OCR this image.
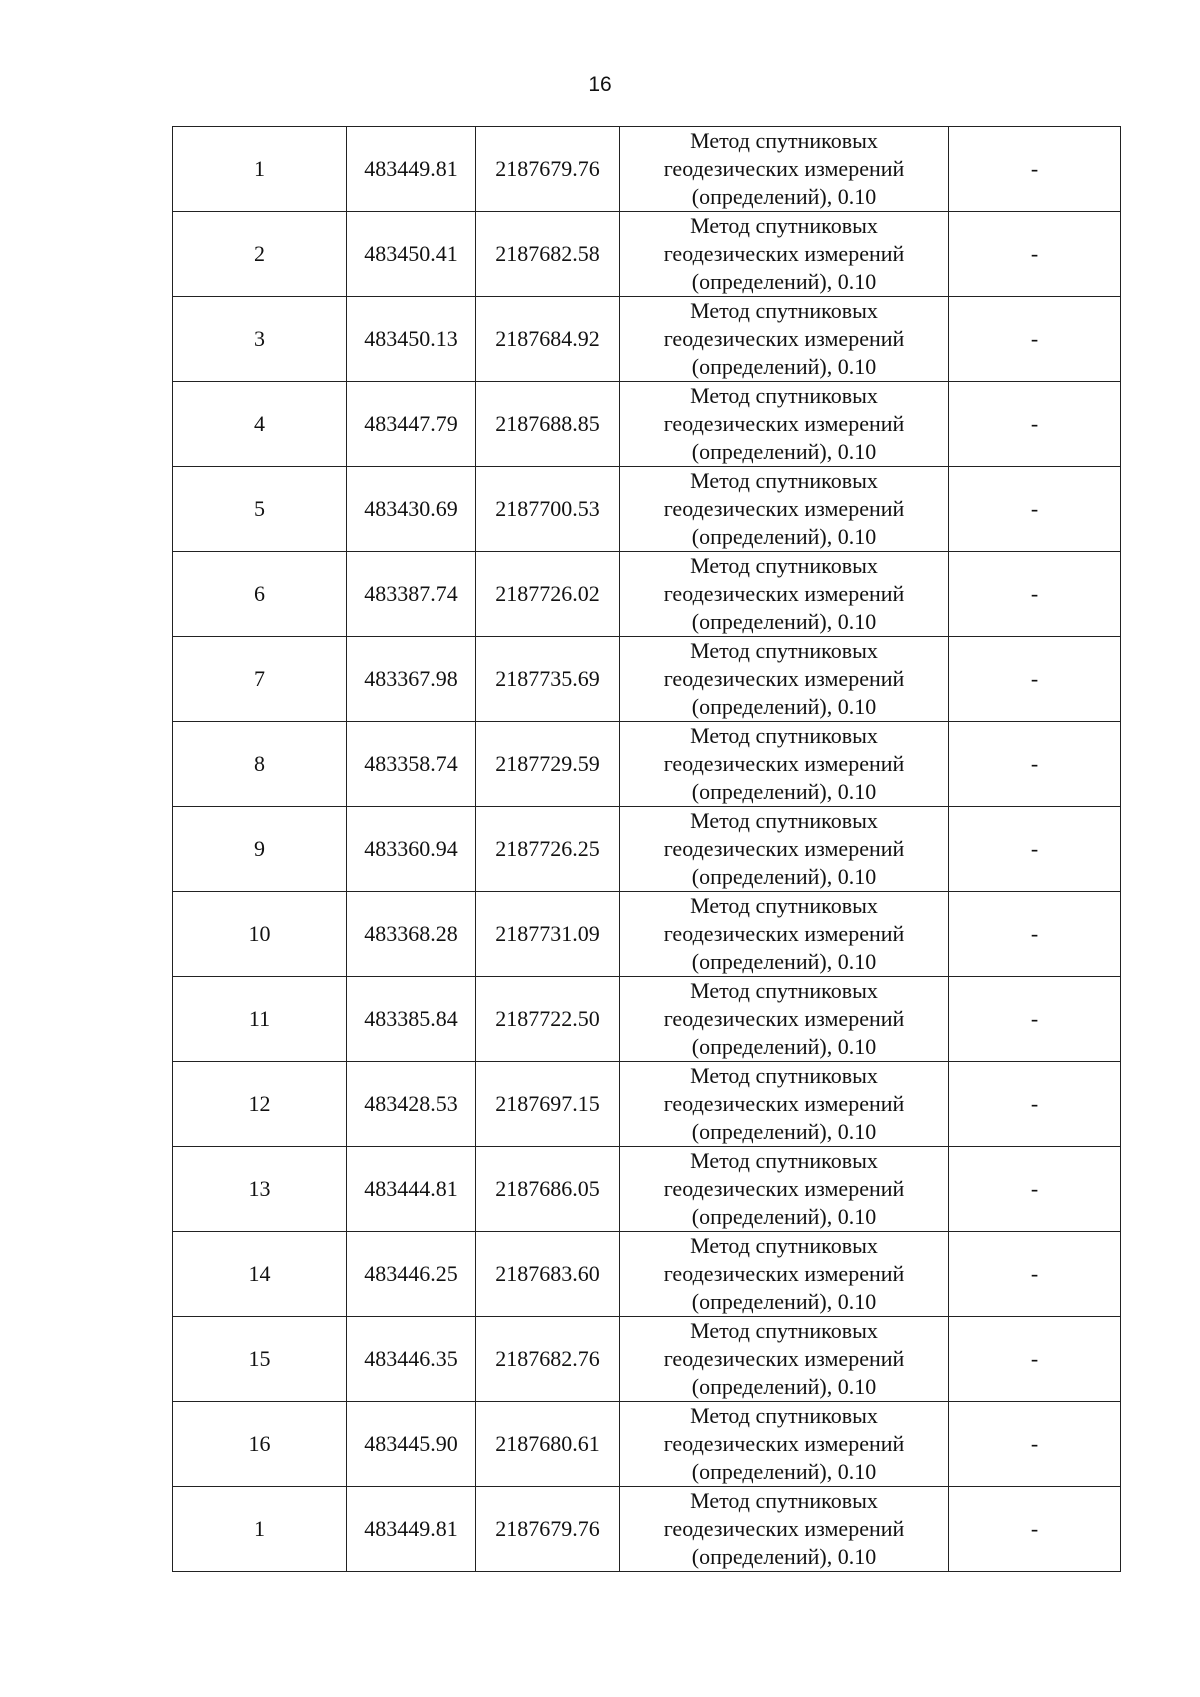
16
1	483449.81	2187679.76	Метод спутниковых
геодезических измерений
(определений), 0.10	-
2	483450.41	2187682.58	Метод спутниковых
геодезических измерений
(определений), 0.10	-
3	483450.13	2187684.92	Метод спутниковых
геодезических измерений
(определений), 0.10	-
4	483447.79	2187688.85	Метод спутниковых
геодезических измерений
(определений), 0.10	-
5	483430.69	2187700.53	Метод спутниковых
геодезических измерений
(определений), 0.10	-
6	483387.74	2187726.02	Метод спутниковых
геодезических измерений
(определений), 0.10	-
7	483367.98	2187735.69	Метод спутниковых
геодезических измерений
(определений), 0.10	-
8	483358.74	2187729.59	Метод спутниковых
геодезических измерений
(определений), 0.10	-
9	483360.94	2187726.25	Метод спутниковых
геодезических измерений
(определений), 0.10	-
10	483368.28	2187731.09	Метод спутниковых
геодезических измерений
(определений), 0.10	-
11	483385.84	2187722.50	Метод спутниковых
геодезических измерений
(определений), 0.10	-
12	483428.53	2187697.15	Метод спутниковых
геодезических измерений
(определений), 0.10	-
13	483444.81	2187686.05	Метод спутниковых
геодезических измерений
(определений), 0.10	-
14	483446.25	2187683.60	Метод спутниковых
геодезических измерений
(определений), 0.10	-
15	483446.35	2187682.76	Метод спутниковых
геодезических измерений
(определений), 0.10	-
16	483445.90	2187680.61	Метод спутниковых
геодезических измерений
(определений), 0.10	-
1	483449.81	2187679.76	Метод спутниковых
геодезических измерений
(определений), 0.10	-
